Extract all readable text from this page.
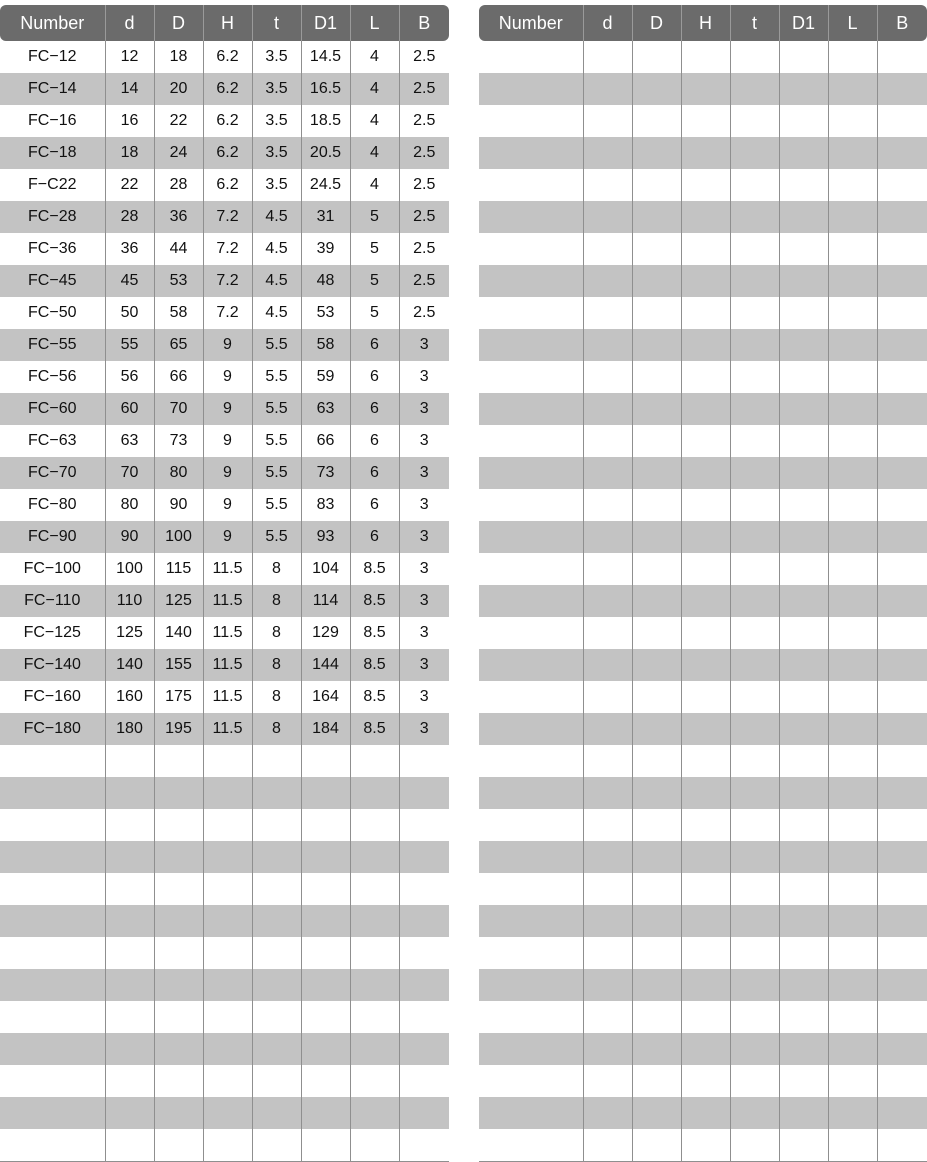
Number	d	D	H	t	D1	L	B
FC−12	12	18	6.2	3.5	14.5	4	2.5
FC−14	14	20	6.2	3.5	16.5	4	2.5
FC−16	16	22	6.2	3.5	18.5	4	2.5
FC−18	18	24	6.2	3.5	20.5	4	2.5
F−C22	22	28	6.2	3.5	24.5	4	2.5
FC−28	28	36	7.2	4.5	31	5	2.5
FC−36	36	44	7.2	4.5	39	5	2.5
FC−45	45	53	7.2	4.5	48	5	2.5
FC−50	50	58	7.2	4.5	53	5	2.5
FC−55	55	65	9	5.5	58	6	3
FC−56	56	66	9	5.5	59	6	3
FC−60	60	70	9	5.5	63	6	3
FC−63	63	73	9	5.5	66	6	3
FC−70	70	80	9	5.5	73	6	3
FC−80	80	90	9	5.5	83	6	3
FC−90	90	100	9	5.5	93	6	3
FC−100	100	115	11.5	8	104	8.5	3
FC−110	110	125	11.5	8	114	8.5	3
FC−125	125	140	11.5	8	129	8.5	3
FC−140	140	155	11.5	8	144	8.5	3
FC−160	160	175	11.5	8	164	8.5	3
FC−180	180	195	11.5	8	184	8.5	3

Number	d	D	H	t	D1	L	B
